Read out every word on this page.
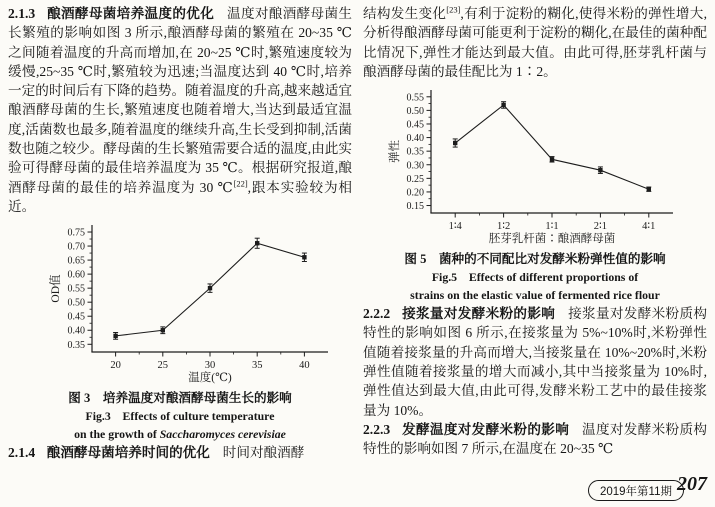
2.1.3 酿酒酵母菌培养温度的优化 温度对酿酒酵母菌生长繁殖的影响如图 3 所示,酿酒酵母菌的繁殖在 20~35 ℃之间随着温度的升高而增加,在 20~25 ℃时,繁殖速度较为缓慢,25~35 ℃时,繁殖较为迅速;当温度达到 40 ℃时,培养一定的时间后有下降的趋势。随着温度的升高,越来越适宜酿酒酵母菌的生长,繁殖速度也随着增大,当达到最适宜温度,活菌数也最多,随着温度的继续升高,生长受到抑制,活菌数也随之较少。酵母菌的生长繁殖需要合适的温度,由此实验可得酵母菌的最佳培养温度为 35 ℃。根据研究报道,酿酒酵母菌的最佳的培养温度为 30 ℃[22],跟本实验较为相近。

0.35
0.40
0.45
0.50
0.55
0.60
0.65
0.70
0.75
20	25	30	35	40
温度(℃)
OD值
图 3　培养温度对酿酒酵母菌生长的影响
Fig.3　Effects of culture temperature
on the growth of Saccharomyces cerevisiae

2.1.4 酿酒酵母菌培养时间的优化 时间对酿酒酵

结构发生变化[23],有利于淀粉的糊化,使得米粉的弹性增大,分析得酿酒酵母菌可能更利于淀粉的糊化,在最佳的菌种配比情况下,弹性才能达到最大值。由此可得,胚芽乳杆菌与酿酒酵母菌的最佳配比为 1∶2。

0.15
0.20
0.25
0.30
0.35
0.40
0.45
0.50
0.55
1∶4	1∶2	1∶1	2∶1	4∶1
胚芽乳杆菌∶酿酒酵母菌
弹性
图 5　菌种的不同配比对发酵米粉弹性值的影响
Fig.5　Effects of different proportions of
strains on the elastic value of fermented rice flour

2.2.2 接浆量对发酵米粉的影响 接浆量对发酵米粉质构特性的影响如图 6 所示,在接浆量为 5%~10%时,米粉弹性值随着接浆量的升高而增大,当接浆量在 10%~20%时,米粉弹性值随着接浆量的增大而减小,其中当接浆量为 10%时,弹性值达到最大值,由此可得,发酵米粉工艺中的最佳接浆量为 10%。

2.2.3 发酵温度对发酵米粉的影响 温度对发酵米粉质构特性的影响如图 7 所示,在温度在 20~35 ℃

2019年第11期 207
